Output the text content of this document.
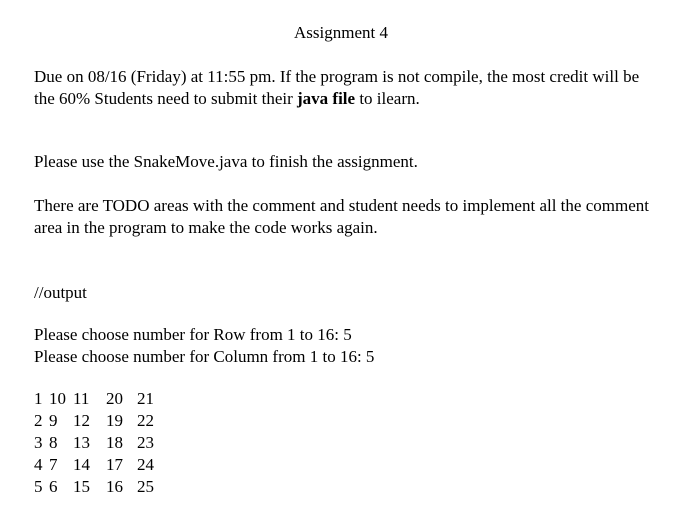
Assignment 4

Due on 08/16 (Friday) at 11:55 pm. If the program is not compile, the most credit will be the 60% Students need to submit their java file to ilearn.

Please use the SnakeMove.java to finish the assignment.

There are TODO areas with the comment and student needs to implement all the comment area in the program to make the code works again.

//output

Please choose number for Row from 1 to 16: 5
Please choose number for Column from 1 to 16: 5

1	10	11	20	21
2	9	12	19	22
3	8	13	18	23
4	7	14	17	24
5	6	15	16	25
